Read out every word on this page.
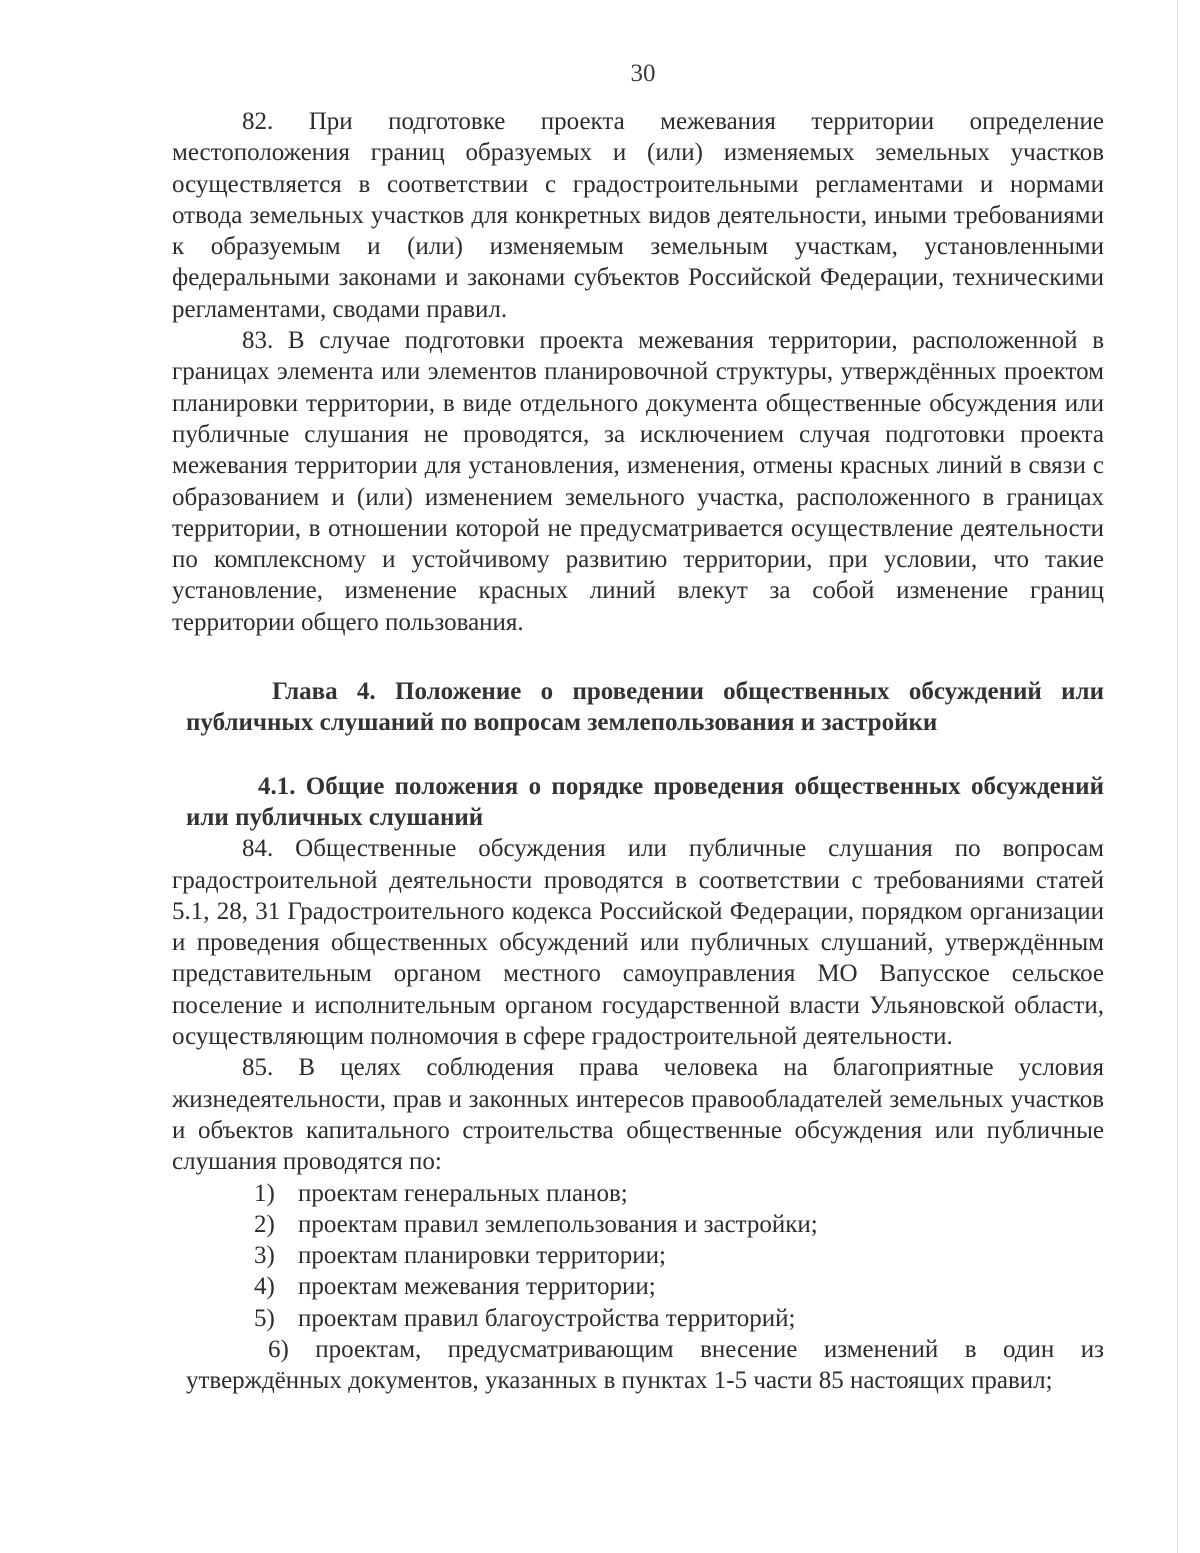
30

82. При подготовке проекта межевания территории определение местоположения границ образуемых и (или) изменяемых земельных участков осуществляется в соответствии с градостроительными регламентами и нормами отвода земельных участков для конкретных видов деятельности, иными требованиями к образуемым и (или) изменяемым земельным участкам, установленными федеральными законами и законами субъектов Российской Федерации, техническими регламентами, сводами правил.

83. В случае подготовки проекта межевания территории, расположенной в границах элемента или элементов планировочной структуры, утверждённых проектом планировки территории, в виде отдельного документа общественные обсуждения или публичные слушания не проводятся, за исключением случая подготовки проекта межевания территории для установления, изменения, отмены красных линий в связи с образованием и (или) изменением земельного участка, расположенного в границах территории, в отношении которой не предусматривается осуществление деятельности по комплексному и устойчивому развитию территории, при условии, что такие установление, изменение красных линий влекут за собой изменение границ территории общего пользования.

Глава 4. Положение о проведении общественных обсуждений или публичных слушаний по вопросам землепользования и застройки

4.1. Общие положения о порядке проведения общественных обсуждений или публичных слушаний

84. Общественные обсуждения или публичные слушания по вопросам градостроительной деятельности проводятся в соответствии с требованиями статей 5.1, 28, 31 Градостроительного кодекса Российской Федерации, порядком организации и проведения общественных обсуждений или публичных слушаний, утверждённым представительным органом местного самоуправления МО Вапусское сельское поселение и исполнительным органом государственной власти Ульяновской области, осуществляющим полномочия в сфере градостроительной деятельности.

85. В целях соблюдения права человека на благоприятные условия жизнедеятельности, прав и законных интересов правообладателей земельных участков и объектов капитального строительства общественные обсуждения или публичные слушания проводятся по:

1) проектам генеральных планов;
2) проектам правил землепользования и застройки;
3) проектам планировки территории;
4) проектам межевания территории;
5) проектам правил благоустройства территорий;

6) проектам, предусматривающим внесение изменений в один из утверждённых документов, указанных в пунктах 1-5 части 85 настоящих правил;
